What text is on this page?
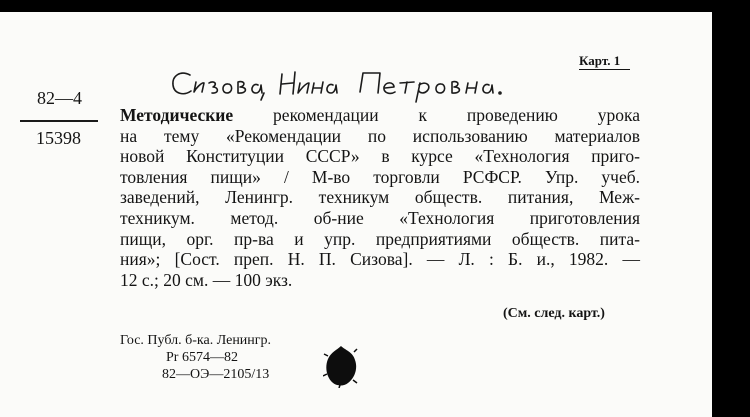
Карт. 1
82—4
15398
Методические рекомендации к проведению урока
на тему «Рекомендации по использованию материалов
новой Конституции СССР» в курсе «Технология приго-
товления пищи» / М-во торговли РСФСР. Упр. учеб.
заведений, Ленингр. техникум обществ. питания, Меж-
техникум. метод. об-ние «Технология приготовления
пищи, орг. пр-ва и упр. предприятиями обществ. пита-
ния»; [Сост. преп. Н. П. Сизова]. — Л. : Б. и., 1982. —
12 с.; 20 см. — 100 экз.
(См. след. карт.)
Гос. Публ. б-ка. Ленингр.
Pr 6574—82
82—ОЭ—2105/13
